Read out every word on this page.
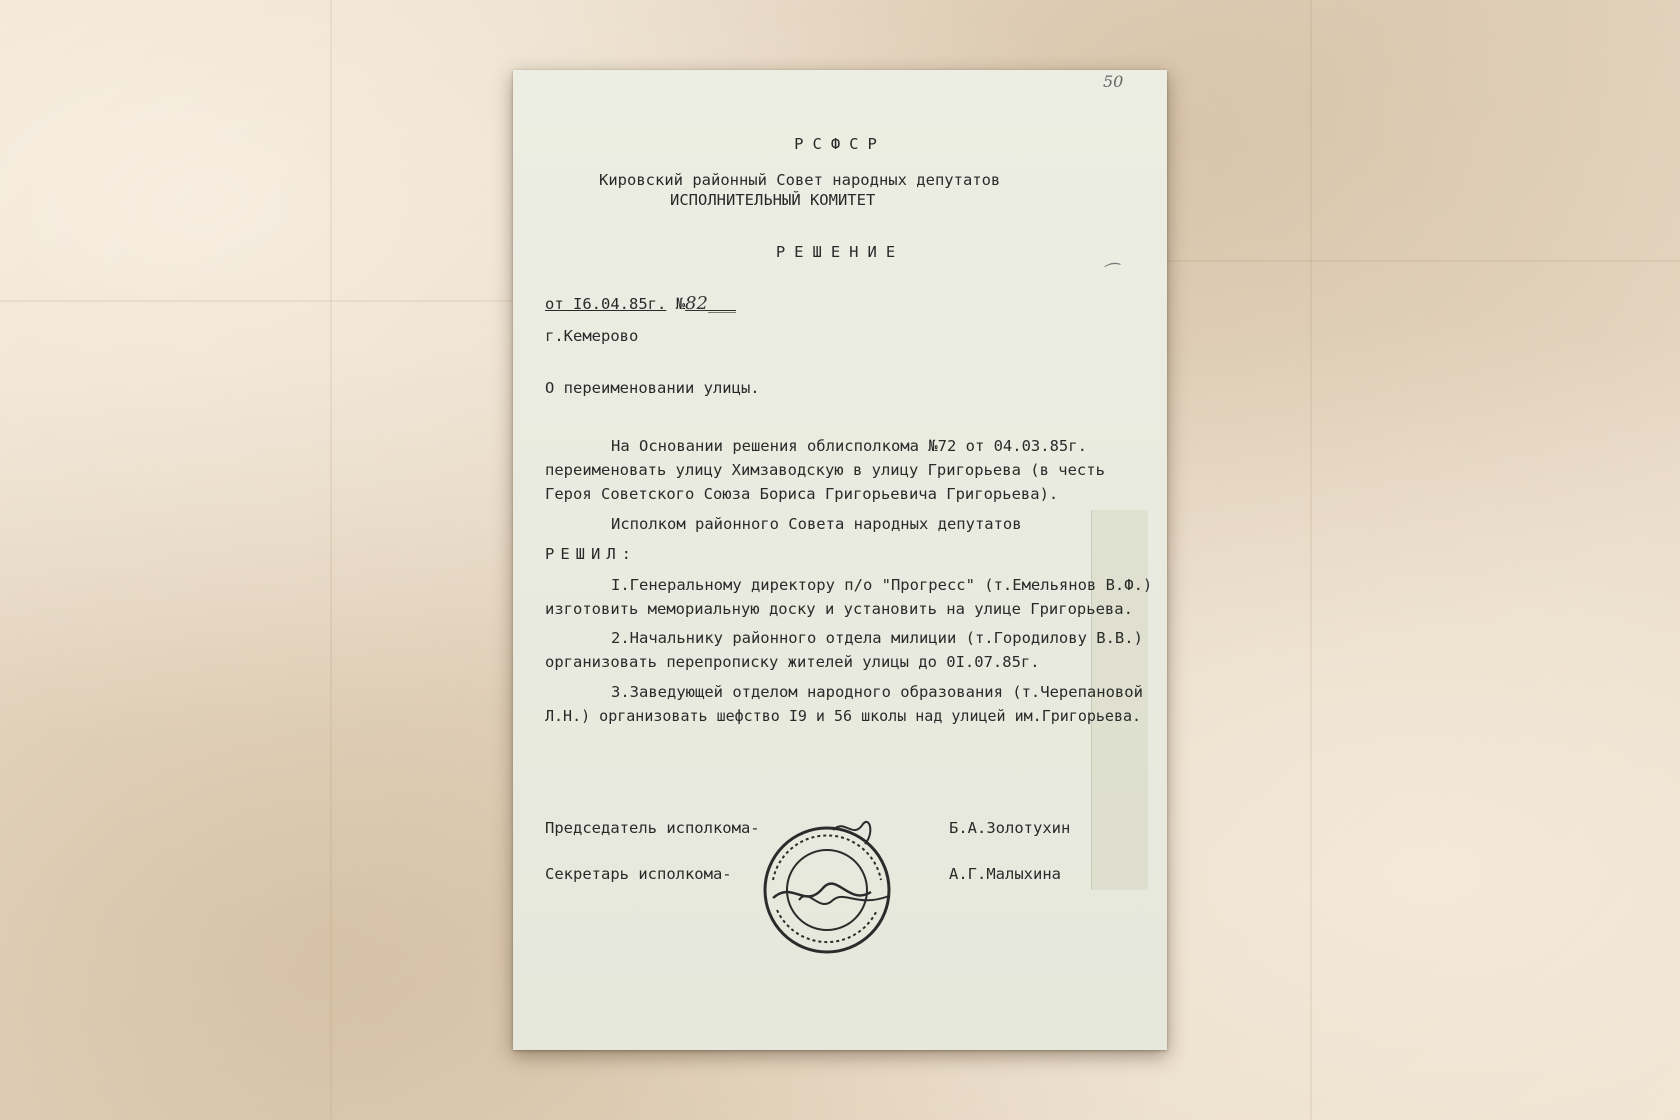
50
РСФСР
Кировский районный Совет народных депутатов
ИСПОЛНИТЕЛЬНЫЙ КОМИТЕТ
РЕШЕНИЕ
⁀
от I6.04.85г. №82___
г.Кемерово
О переименовании улицы.
На Основании решения облисполкома №72 от 04.03.85г.
переименовать улицу Химзаводскую в улицу Григорьева (в честь
Героя Советского Союза Бориса Григорьевича Григорьева).
Исполком районного Совета народных депутатов
РЕШИЛ:
I.Генеральному директору п/о "Прогресс" (т.Емельянов В.Ф.)
изготовить мемориальную доску и установить на улице Григорьева.
2.Начальнику районного отдела милиции (т.Городилову В.В.)
организовать перепрописку жителей улицы до 0I.07.85г.
3.Заведующей отделом народного образования (т.Черепановой
Л.Н.) организовать шефство I9 и 56 школы над улицей им.Григорьева.
Председатель исполкома-	Б.А.Золотухин
Секретарь исполкома-	А.Г.Малыхина
